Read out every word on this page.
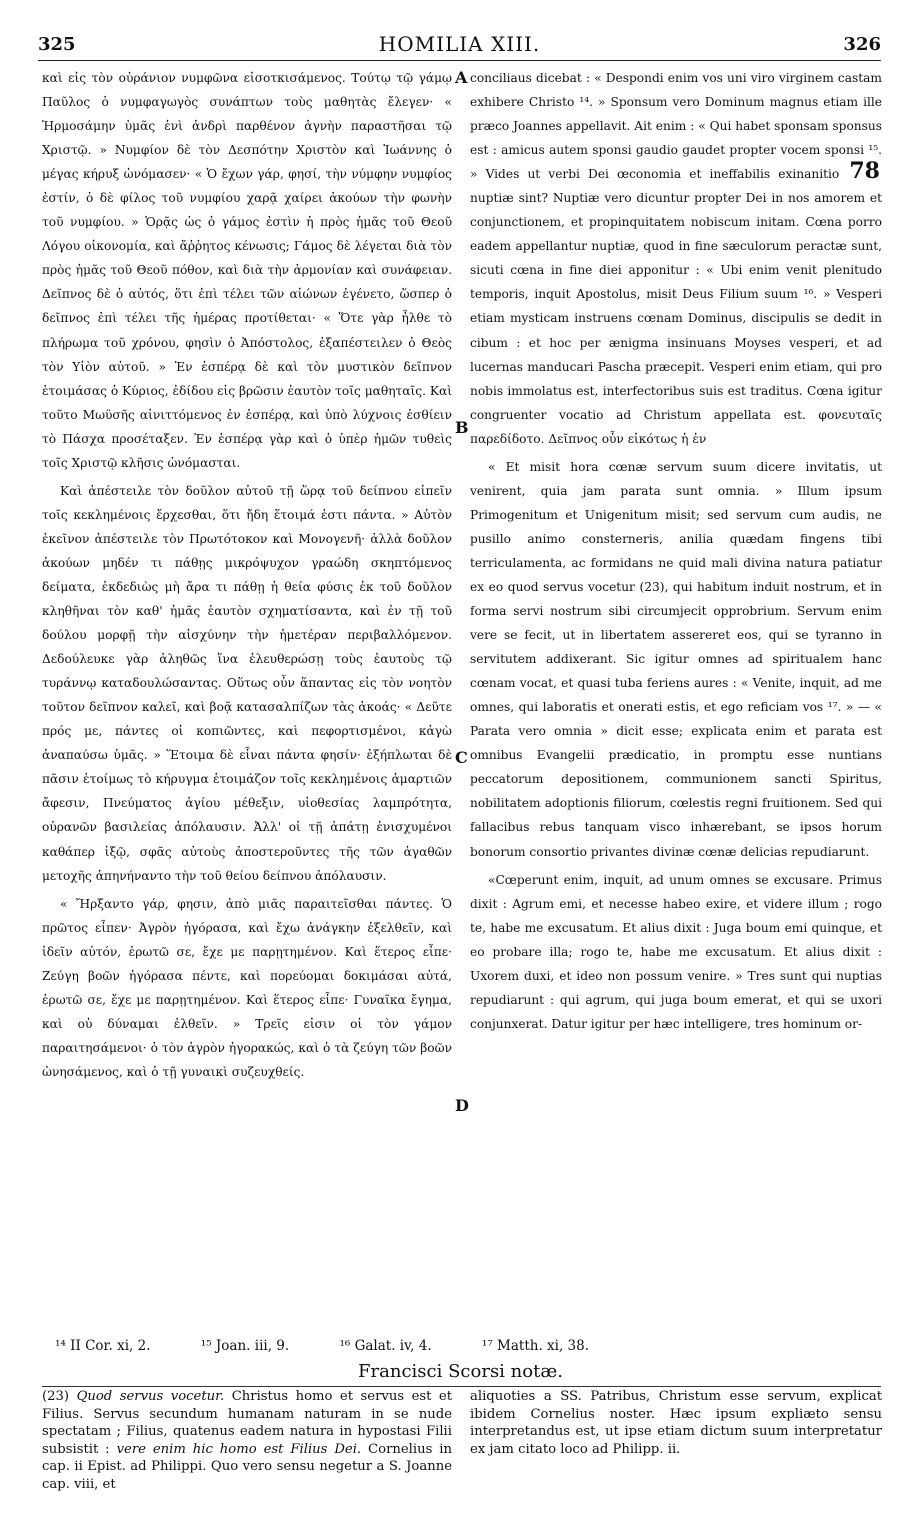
325	HOMILIA XIII.	326
A
B
C
D

καὶ εἰς τὸν οὐράνιον νυμφῶνα εἰσοτκισάμενος. Τούτῳ τῷ γάμῳ Παῦλος ὁ νυμφαγωγὸς συνάπτων τοὺς μαθητὰς ἔλεγεν· « Ἡρμοσάμην ὑμᾶς ἑνὶ ἀνδρὶ παρθένον ἁγνὴν παραστῆσαι τῷ Χριστῷ. » Νυμφίον δὲ τὸν Δεσπότην Χριστὸν καὶ Ἰωάννης ὁ μέγας κήρυξ ὠνόμασεν· « Ὁ ἔχων γάρ, φησί, τὴν νύμφην νυμφίος ἐστίν, ὁ δὲ φίλος τοῦ νυμφίου χαρᾷ χαίρει ἀκούων τὴν φωνὴν τοῦ νυμφίου. » Ὁρᾷς ὡς ὁ γάμος ἐστὶν ἡ πρὸς ἡμᾶς τοῦ Θεοῦ Λόγου οἰκονομία, καὶ ἄῤῥητος κένωσις; Γάμος δὲ λέγεται διὰ τὸν πρὸς ἡμᾶς τοῦ Θεοῦ πόθον, καὶ διὰ τὴν ἁρμονίαν καὶ συνάφειαν. Δεῖπνος δὲ ὁ αὐτός, ὅτι ἐπὶ τέλει τῶν αἰώνων ἐγένετο, ὥσπερ ὁ δεῖπνος ἐπὶ τέλει τῆς ἡμέρας προτίθεται· « Ὅτε γὰρ ἦλθε τὸ πλήρωμα τοῦ χρόνου, φησὶν ὁ Ἀπόστολος, ἐξαπέστειλεν ὁ Θεὸς τὸν Υἱὸν αὐτοῦ. » Ἐν ἑσπέρᾳ δὲ καὶ τὸν μυστικὸν δεῖπνον ἑτοιμάσας ὁ Κύριος, ἐδίδου εἰς βρῶσιν ἑαυτὸν τοῖς μαθηταῖς. Καὶ τοῦτο Μωϋσῆς αἰνιττόμενος ἐν ἑσπέρᾳ, καὶ ὑπὸ λύχνοις ἐσθίειν τὸ Πάσχα προσέταξεν. Ἐν ἑσπέρᾳ γὰρ καὶ ὁ ὑπὲρ ἡμῶν τυθεὶς τοῖς Χριστῷ κλῆσις ὠνόμασται.

Καὶ ἀπέστειλε τὸν δοῦλον αὐτοῦ τῇ ὥρᾳ τοῦ δείπνου εἰπεῖν τοῖς κεκλημένοις ἔρχεσθαι, ὅτι ἤδη ἕτοιμά ἐστι πάντα. » Αὐτὸν ἐκεῖνον ἀπέστειλε τὸν Πρωτότοκον καὶ Μονογενῆ· ἀλλὰ δοῦλον ἀκούων μηδέν τι πάθῃς μικρόψυχον γραώδη σκηπτόμενος δείματα, ἐκδεδιὼς μὴ ἄρα τι πάθῃ ἡ θεία φύσις ἐκ τοῦ δοῦλον κληθῆναι τὸν καθ' ἡμᾶς ἑαυτὸν σχηματίσαντα, καὶ ἐν τῇ τοῦ δούλου μορφῇ τὴν αἰσχύνην τὴν ἡμετέραν περιβαλλόμενον. Δεδούλευκε γὰρ ἀληθῶς ἵνα ἐλευθερώσῃ τοὺς ἑαυτοὺς τῷ τυράννῳ καταδουλώσαντας. Οὕτως οὖν ἅπαντας εἰς τὸν νοητὸν τοῦτον δεῖπνον καλεῖ, καὶ βοᾷ κατασαλπίζων τὰς ἀκοάς· « Δεῦτε πρός με, πάντες οἱ κοπιῶντες, καὶ πεφορτισμένοι, κἀγὼ ἀναπαύσω ὑμᾶς. » Ἕτοιμα δὲ εἶναι πάντα φησίν· ἐξήπλωται δὲ πᾶσιν ἑτοίμως τὸ κήρυγμα ἑτοιμάζον τοῖς κεκλημένοις ἁμαρτιῶν ἄφεσιν, Πνεύματος ἁγίου μέθεξιν, υἱοθεσίας λαμπρότητα, οὐρανῶν βασιλείας ἀπόλαυσιν. Ἀλλ' οἱ τῇ ἀπάτῃ ἐνισχυμένοι καθάπερ ἰξῷ, σφᾶς αὐτοὺς ἀποστεροῦντες τῆς τῶν ἀγαθῶν μετοχῆς ἀπηνήναντο τὴν τοῦ θείου δείπνου ἀπόλαυσιν.

« Ἤρξαντο γάρ, φησιν, ἀπὸ μιᾶς παραιτεῖσθαι πάντες. Ὁ πρῶτος εἶπεν· Ἀγρὸν ἠγόρασα, καὶ ἔχω ἀνάγκην ἐξελθεῖν, καὶ ἰδεῖν αὐτόν, ἐρωτῶ σε, ἔχε με παρῃτημένον. Καὶ ἕτερος εἶπε· Ζεύγη βοῶν ἠγόρασα πέντε, καὶ πορεύομαι δοκιμάσαι αὐτά, ἐρωτῶ σε, ἔχε με παρῃτημένον. Καὶ ἕτερος εἶπε· Γυναῖκα ἔγημα, καὶ οὐ δύναμαι ἐλθεῖν. » Τρεῖς εἰσιν οἱ τὸν γάμον παραιτησάμενοι· ὁ τὸν ἀγρὸν ἠγορακώς, καὶ ὁ τὰ ζεύγη τῶν βοῶν ὠνησάμενος, καὶ ὁ τῇ γυναικὶ συζευχθείς.

conciliaus dicebat : « Despondi enim vos uni viro virginem castam exhibere Christo ¹⁴. » Sponsum vero Dominum magnus etiam ille præco Joannes appellavit. Ait enim : « Qui habet sponsam sponsus est : amicus autem sponsi gaudio gaudet propter vocem sponsi ¹⁵. » Vides ut verbi Dei œconomia et ineffabilis exinanitio 78 nuptiæ sint? Nuptiæ vero dicuntur propter Dei in nos amorem et conjunctionem, et propinquitatem nobiscum initam. Cœna porro eadem appellantur nuptiæ, quod in fine sæculorum peractæ sunt, sicuti cœna in fine diei apponitur : « Ubi enim venit plenitudo temporis, inquit Apostolus, misit Deus Filium suum ¹⁶. » Vesperi etiam mysticam instruens cœnam Dominus, discipulis se dedit in cibum : et hoc per ænigma insinuans Moyses vesperi, et ad lucernas manducari Pascha præcepit. Vesperi enim etiam, qui pro nobis immolatus est, interfectoribus suis est traditus. Cœna igitur congruenter vocatio ad Christum appellata est. φονευταῖς παρεδίδοτο. Δεῖπνος οὖν εἰκότως ἡ ἐν

« Et misit hora cœnæ servum suum dicere invitatis, ut venirent, quia jam parata sunt omnia. » Illum ipsum Primogenitum et Unigenitum misit; sed servum cum audis, ne pusillo animo consterneris, anilia quædam fingens tibi terriculamenta, ac formidans ne quid mali divina natura patiatur ex eo quod servus vocetur (23), qui habitum induit nostrum, et in forma servi nostrum sibi circumjecit opprobrium. Servum enim vere se fecit, ut in libertatem assereret eos, qui se tyranno in servitutem addixerant. Sic igitur omnes ad spiritualem hanc cœnam vocat, et quasi tuba feriens aures : « Venite, inquit, ad me omnes, qui laboratis et onerati estis, et ego reficiam vos ¹⁷. » — « Parata vero omnia » dicit esse; explicata enim et parata est omnibus Evangelii prædicatio, in promptu esse nuntians peccatorum depositionem, communionem sancti Spiritus, nobilitatem adoptionis filiorum, cœlestis regni fruitionem. Sed qui fallacibus rebus tanquam visco inhærebant, se ipsos horum bonorum consortio privantes divinæ cœnæ delicias repudiarunt.

«Cœperunt enim, inquit, ad unum omnes se excusare. Primus dixit : Agrum emi, et necesse habeo exire, et videre illum ; rogo te, habe me excusatum. Et alius dixit : Juga boum emi quinque, et eo probare illa; rogo te, habe me excusatum. Et alius dixit : Uxorem duxi, et ideo non possum venire. » Tres sunt qui nuptias repudiarunt : qui agrum, qui juga boum emerat, et qui se uxori conjunxerat. Datur igitur per hæc intelligere, tres hominum or-

¹⁴ II Cor. xi, 2.	¹⁵ Joan. iii, 9.	¹⁶ Galat. iv, 4.	¹⁷ Matth. xi, 38.
Francisci Scorsi notæ.

(23) Quod servus vocetur. Christus homo et servus est et Filius. Servus secundum humanam naturam in se nude spectatam ; Filius, quatenus eadem natura in hypostasi Filii subsistit : vere enim hic homo est Filius Dei. Cornelius in cap. ii Epist. ad Philippi. Quo vero sensu negetur a S. Joanne cap. viii, et

aliquoties a SS. Patribus, Christum esse servum, explicat ibidem Cornelius noster. Hæc ipsum expliæto sensu interpretandus est, ut ipse etiam dictum suum interpretatur ex jam citato loco ad Philipp. ii.
